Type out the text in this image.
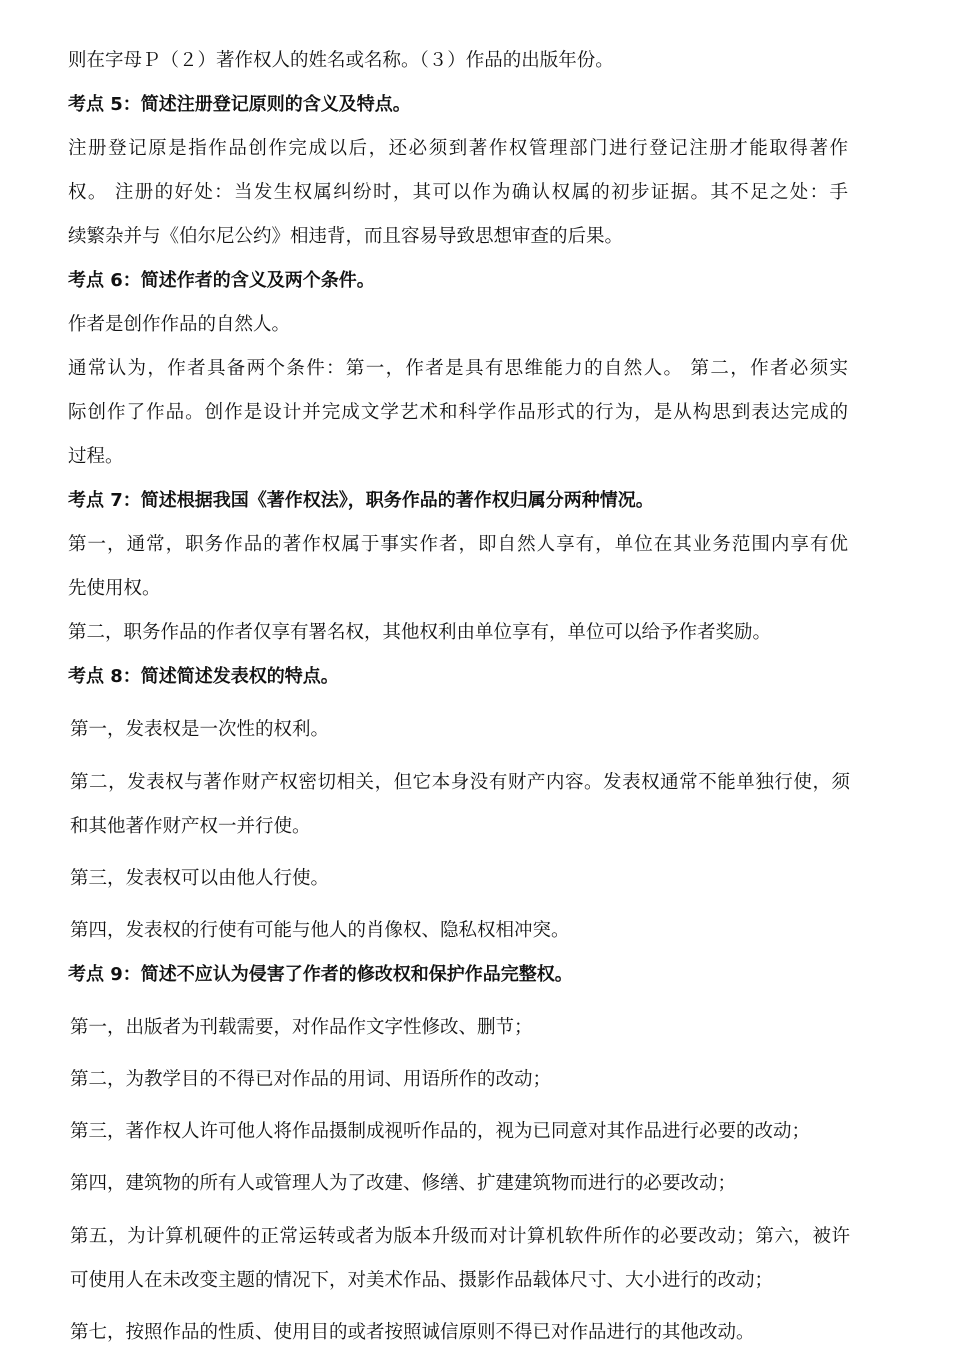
则在字母Ｐ（２）著作权人的姓名或名称。（３）作品的出版年份。
考点 5：简述注册登记原则的含义及特点。
注册登记原是指作品创作完成以后，还必须到著作权管理部门进行登记注册才能取得著作
权。 注册的好处：当发生权属纠纷时，其可以作为确认权属的初步证据。其不足之处：手
续繁杂并与《伯尔尼公约》相违背，而且容易导致思想审查的后果。
考点 6：简述作者的含义及两个条件。
作者是创作作品的自然人。
通常认为，作者具备两个条件：第一，作者是具有思维能力的自然人。 第二，作者必须实
际创作了作品。创作是设计并完成文学艺术和科学作品形式的行为，是从构思到表达完成的
过程。
考点 7：简述根据我国《著作权法》，职务作品的著作权归属分两种情况。
第一，通常，职务作品的著作权属于事实作者，即自然人享有，单位在其业务范围内享有优
先使用权。
第二，职务作品的作者仅享有署名权，其他权利由单位享有，单位可以给予作者奖励。
考点 8：简述简述发表权的特点。
第一，发表权是一次性的权利。
第二，发表权与著作财产权密切相关，但它本身没有财产内容。发表权通常不能单独行使，须
和其他著作财产权一并行使。
第三，发表权可以由他人行使。
第四，发表权的行使有可能与他人的肖像权、隐私权相冲突。
考点 9：简述不应认为侵害了作者的修改权和保护作品完整权。
第一，出版者为刊载需要，对作品作文字性修改、删节；
第二，为教学目的不得已对作品的用词、用语所作的改动；
第三，著作权人许可他人将作品摄制成视听作品的，视为已同意对其作品进行必要的改动；
第四，建筑物的所有人或管理人为了改建、修缮、扩建建筑物而进行的必要改动；
第五，为计算机硬件的正常运转或者为版本升级而对计算机软件所作的必要改动；第六，被许
可使用人在未改变主题的情况下，对美术作品、摄影作品载体尺寸、大小进行的改动；
第七，按照作品的性质、使用目的或者按照诚信原则不得已对作品进行的其他改动。
